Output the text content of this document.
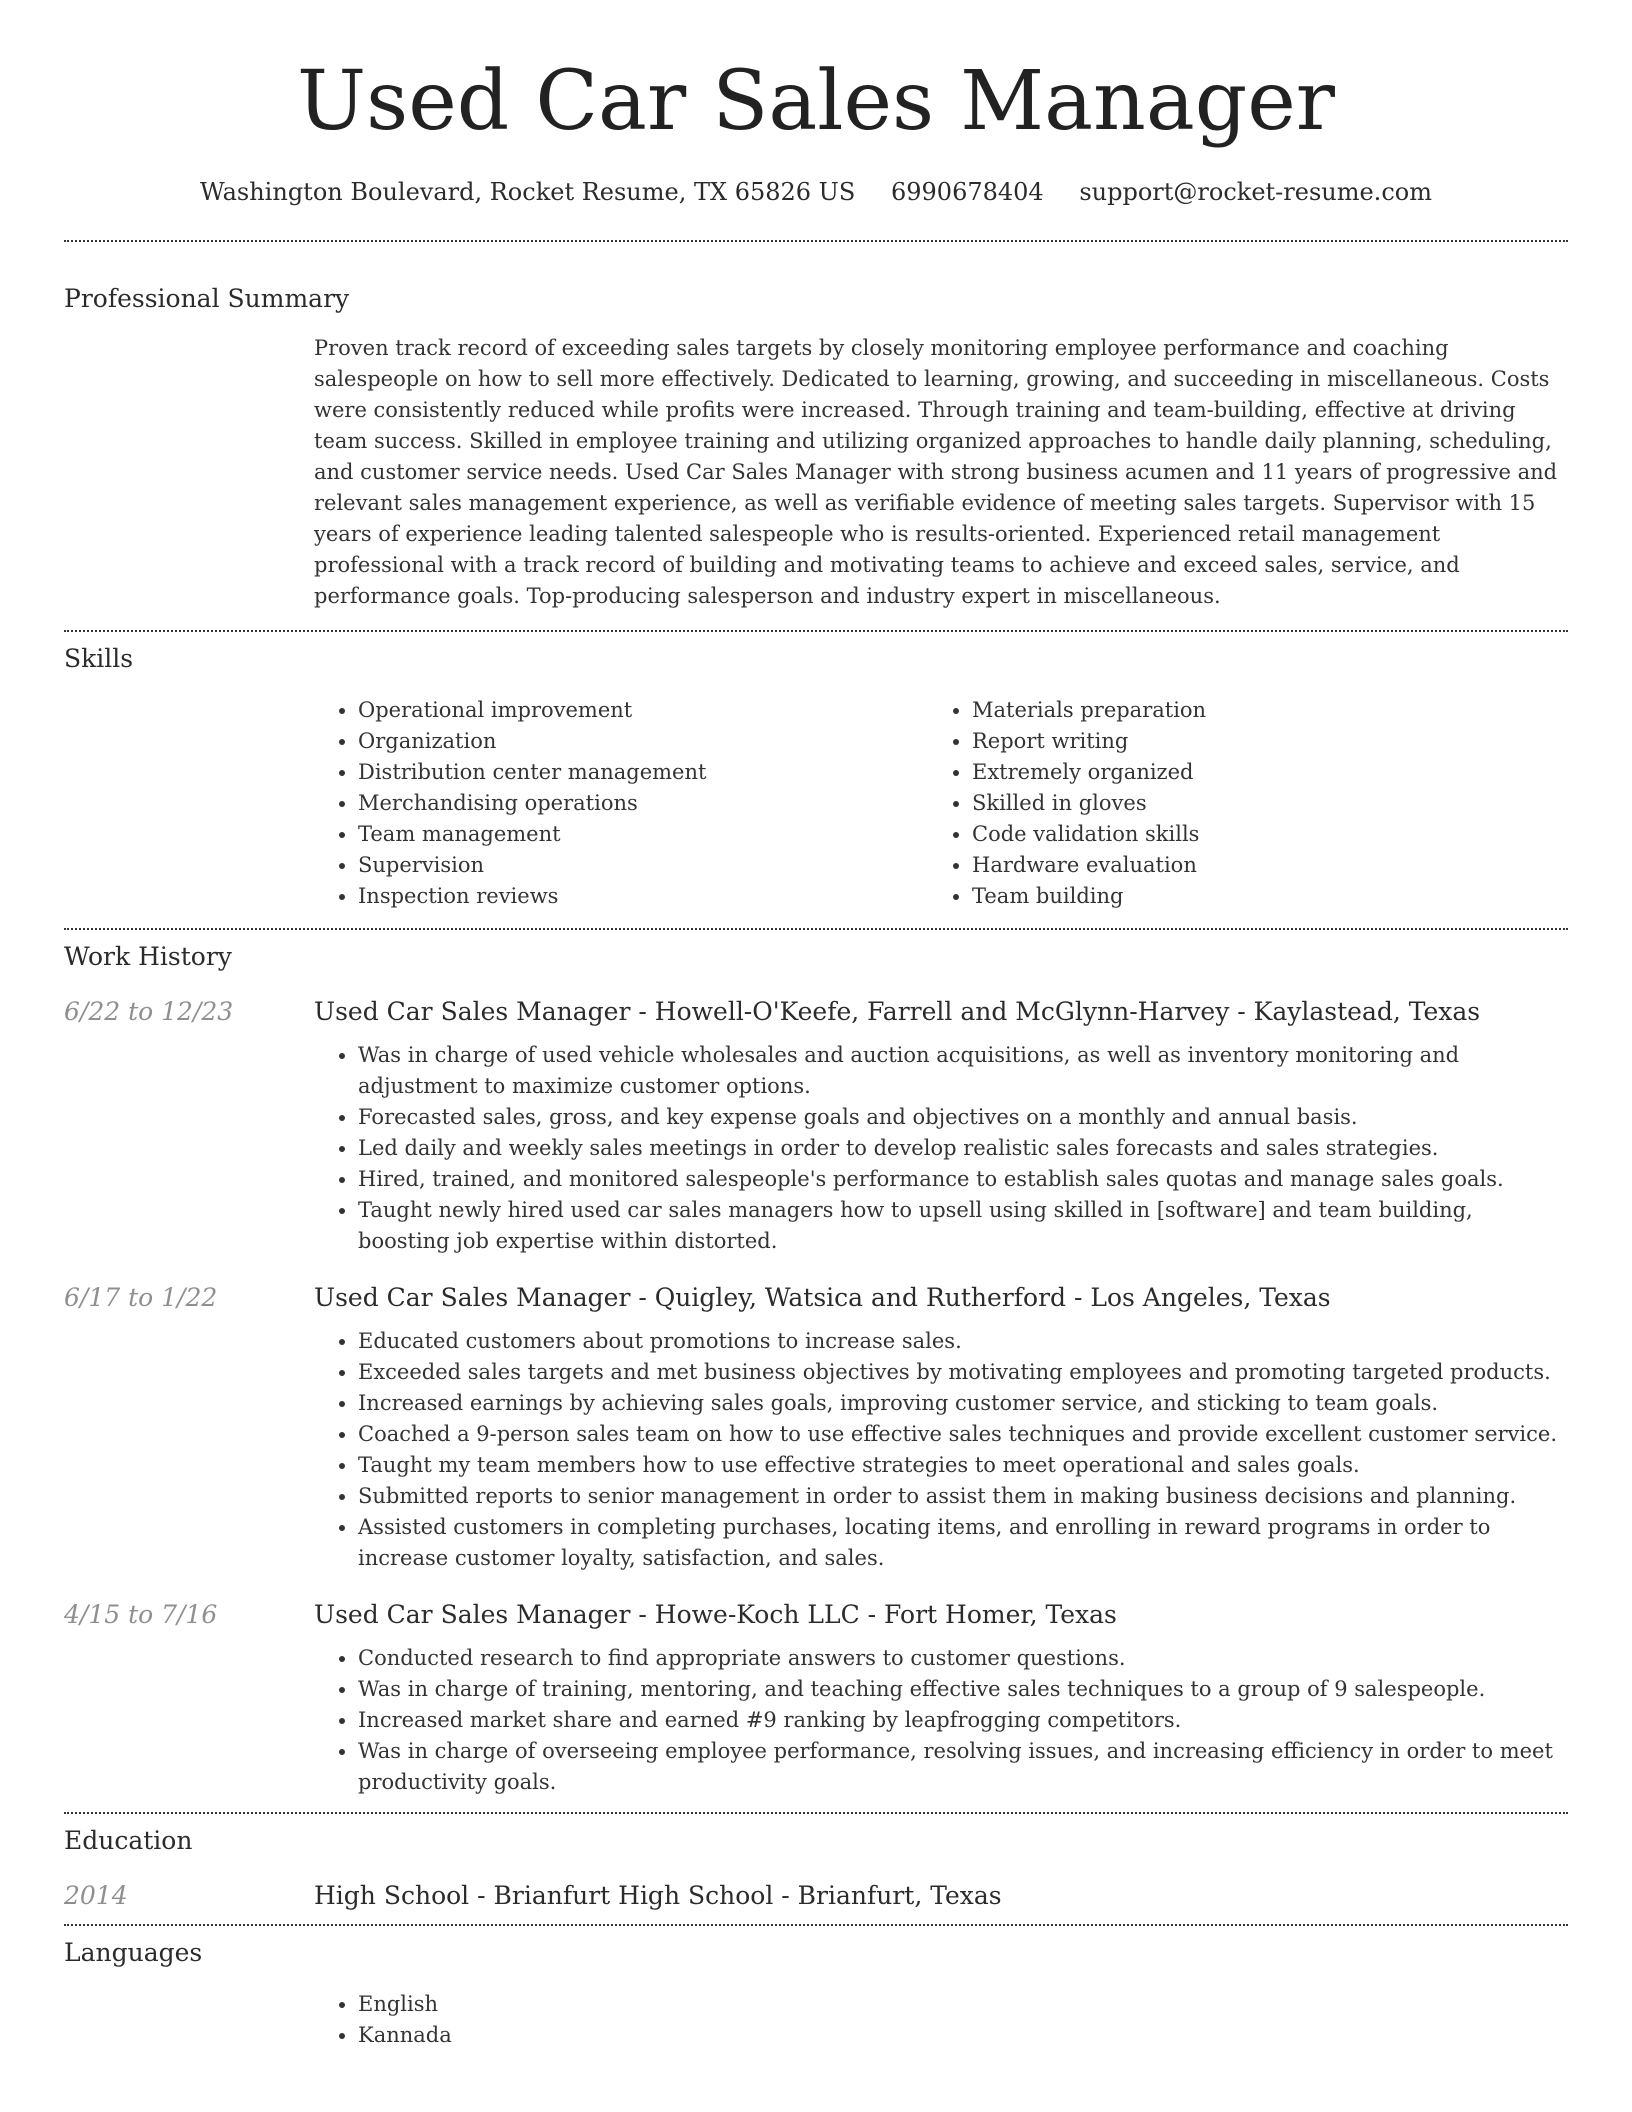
Used Car Sales Manager
Washington Boulevard, Rocket Resume, TX 65826 US 6990678404 support@rocket-resume.com
Professional Summary
Proven track record of exceeding sales targets by closely monitoring employee performance and coaching salespeople on how to sell more effectively. Dedicated to learning, growing, and succeeding in miscellaneous. Costs were consistently reduced while profits were increased. Through training and team-building, effective at driving team success. Skilled in employee training and utilizing organized approaches to handle daily planning, scheduling, and customer service needs. Used Car Sales Manager with strong business acumen and 11 years of progressive and relevant sales management experience, as well as verifiable evidence of meeting sales targets. Supervisor with 15 years of experience leading talented salespeople who is results-oriented. Experienced retail management professional with a track record of building and motivating teams to achieve and exceed sales, service, and performance goals. Top-producing salesperson and industry expert in miscellaneous.
Skills
• Operational improvement
• Organization
• Distribution center management
• Merchandising operations
• Team management
• Supervision
• Inspection reviews
• Materials preparation
• Report writing
• Extremely organized
• Skilled in gloves
• Code validation skills
• Hardware evaluation
• Team building
Work History
6/22 to 12/23	Used Car Sales Manager - Howell-O'Keefe, Farrell and McGlynn-Harvey - Kaylastead, Texas
• Was in charge of used vehicle wholesales and auction acquisitions, as well as inventory monitoring and adjustment to maximize customer options.
• Forecasted sales, gross, and key expense goals and objectives on a monthly and annual basis.
• Led daily and weekly sales meetings in order to develop realistic sales forecasts and sales strategies.
• Hired, trained, and monitored salespeople's performance to establish sales quotas and manage sales goals.
• Taught newly hired used car sales managers how to upsell using skilled in [software] and team building, boosting job expertise within distorted.
6/17 to 1/22	Used Car Sales Manager - Quigley, Watsica and Rutherford - Los Angeles, Texas
• Educated customers about promotions to increase sales.
• Exceeded sales targets and met business objectives by motivating employees and promoting targeted products.
• Increased earnings by achieving sales goals, improving customer service, and sticking to team goals.
• Coached a 9-person sales team on how to use effective sales techniques and provide excellent customer service.
• Taught my team members how to use effective strategies to meet operational and sales goals.
• Submitted reports to senior management in order to assist them in making business decisions and planning.
• Assisted customers in completing purchases, locating items, and enrolling in reward programs in order to increase customer loyalty, satisfaction, and sales.
4/15 to 7/16	Used Car Sales Manager - Howe-Koch LLC - Fort Homer, Texas
• Conducted research to find appropriate answers to customer questions.
• Was in charge of training, mentoring, and teaching effective sales techniques to a group of 9 salespeople.
• Increased market share and earned #9 ranking by leapfrogging competitors.
• Was in charge of overseeing employee performance, resolving issues, and increasing efficiency in order to meet productivity goals.
Education
2014	High School - Brianfurt High School - Brianfurt, Texas
Languages
• English
• Kannada
